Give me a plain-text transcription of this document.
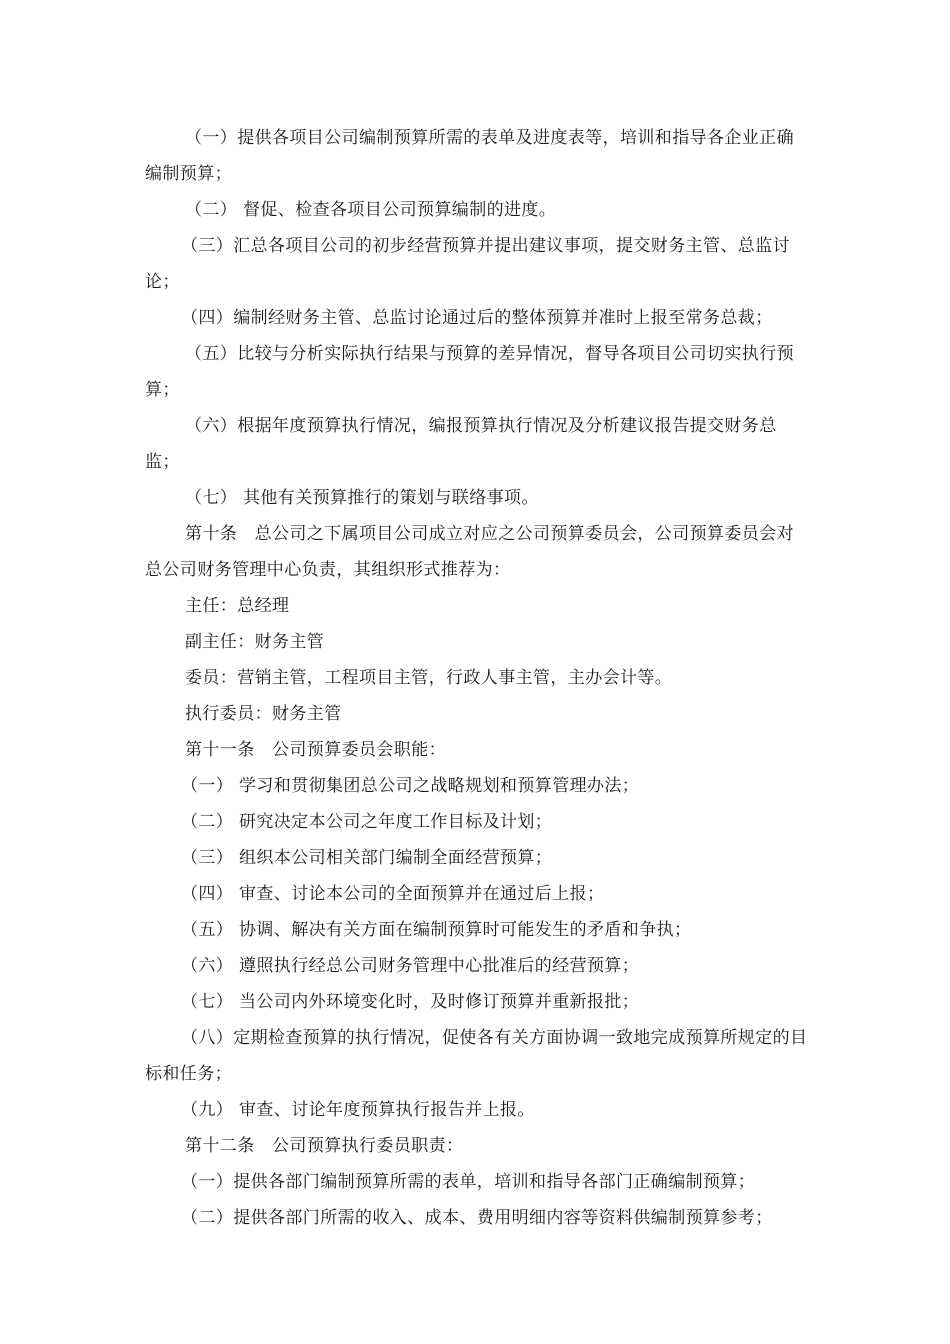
（一）提供各项目公司编制预算所需的表单及进度表等，培训和指导各企业正确编制预算；

（二） 督促、检查各项目公司预算编制的进度。

（三）汇总各项目公司的初步经营预算并提出建议事项，提交财务主管、总监讨论；

（四）编制经财务主管、总监讨论通过后的整体预算并准时上报至常务总裁；

（五）比较与分析实际执行结果与预算的差异情况，督导各项目公司切实执行预算；

（六）根据年度预算执行情况，编报预算执行情况及分析建议报告提交财务总监；

（七） 其他有关预算推行的策划与联络事项。

第十条　总公司之下属项目公司成立对应之公司预算委员会，公司预算委员会对总公司财务管理中心负责，其组织形式推荐为：

主任：总经理

副主任：财务主管

委员：营销主管，工程项目主管，行政人事主管，主办会计等。

执行委员：财务主管

第十一条　公司预算委员会职能：

（一） 学习和贯彻集团总公司之战略规划和预算管理办法；

（二） 研究决定本公司之年度工作目标及计划；

（三） 组织本公司相关部门编制全面经营预算；

（四） 审查、讨论本公司的全面预算并在通过后上报；

（五） 协调、解决有关方面在编制预算时可能发生的矛盾和争执；

（六） 遵照执行经总公司财务管理中心批准后的经营预算；

（七） 当公司内外环境变化时，及时修订预算并重新报批；

（八）定期检查预算的执行情况，促使各有关方面协调一致地完成预算所规定的目标和任务；

（九） 审查、讨论年度预算执行报告并上报。

第十二条　公司预算执行委员职责：

（一）提供各部门编制预算所需的表单，培训和指导各部门正确编制预算；

（二）提供各部门所需的收入、成本、费用明细内容等资料供编制预算参考；
